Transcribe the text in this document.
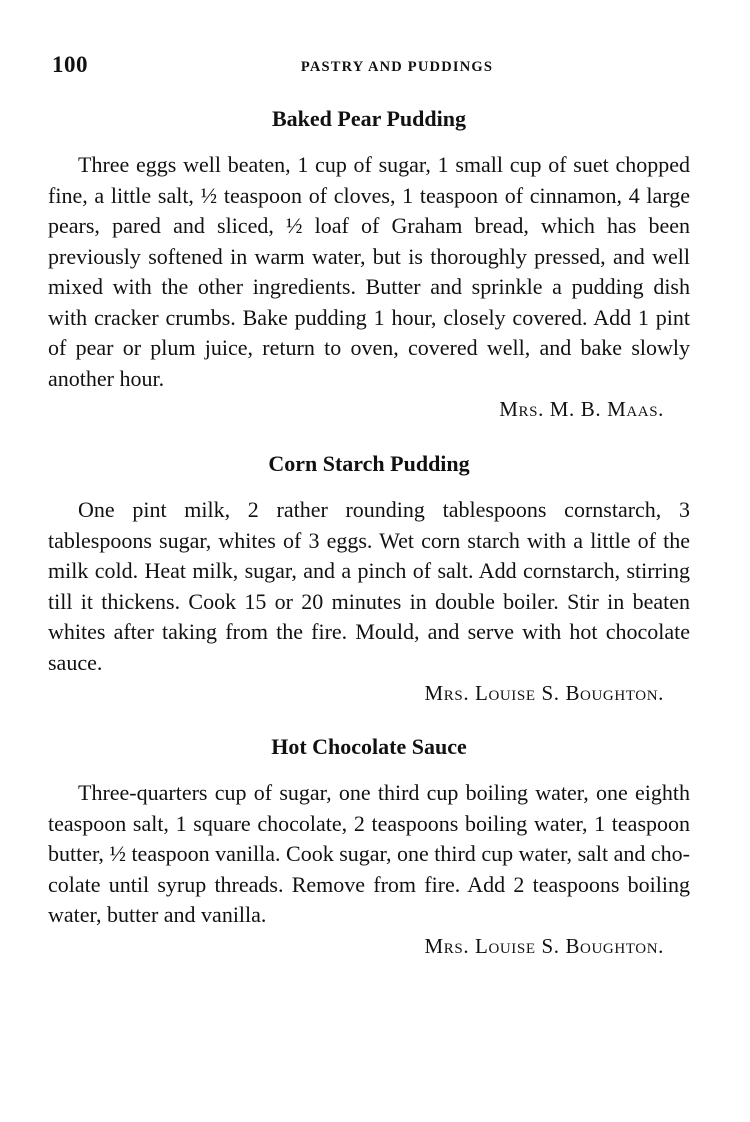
100	PASTRY AND PUDDINGS
Baked Pear Pudding

Three eggs well beaten, 1 cup of sugar, 1 small cup of suet chopped fine, a little salt, ½ teaspoon of cloves, 1 teaspoon of cinnamon, 4 large pears, pared and sliced, ½ loaf of Graham bread, which has been previously softened in warm water, but is thoroughly pressed, and well mixed with the other ingredients. Butter and sprinkle a pudding dish with cracker crumbs. Bake pudding 1 hour, closely covered. Add 1 pint of pear or plum juice, return to oven, covered well, and bake slowly another hour.

Mrs. M. B. Maas.
Corn Starch Pudding

One pint milk, 2 rather rounding tablespoons cornstarch, 3 tablespoons sugar, whites of 3 eggs. Wet corn starch with a little of the milk cold. Heat milk, sugar, and a pinch of salt. Add cornstarch, stirring till it thickens. Cook 15 or 20 minutes in double boiler. Stir in beaten whites after taking from the fire. Mould, and serve with hot chocolate sauce.

Mrs. Louise S. Boughton.
Hot Chocolate Sauce

Three-quarters cup of sugar, one third cup boiling water, one eighth teaspoon salt, 1 square chocolate, 2 teaspoons boiling water, 1 teaspoon butter, ½ teaspoon vanilla. Cook sugar, one third cup water, salt and chocolate until syrup threads. Remove from fire. Add 2 teaspoons boiling water, butter and vanilla.

Mrs. Louise S. Boughton.
